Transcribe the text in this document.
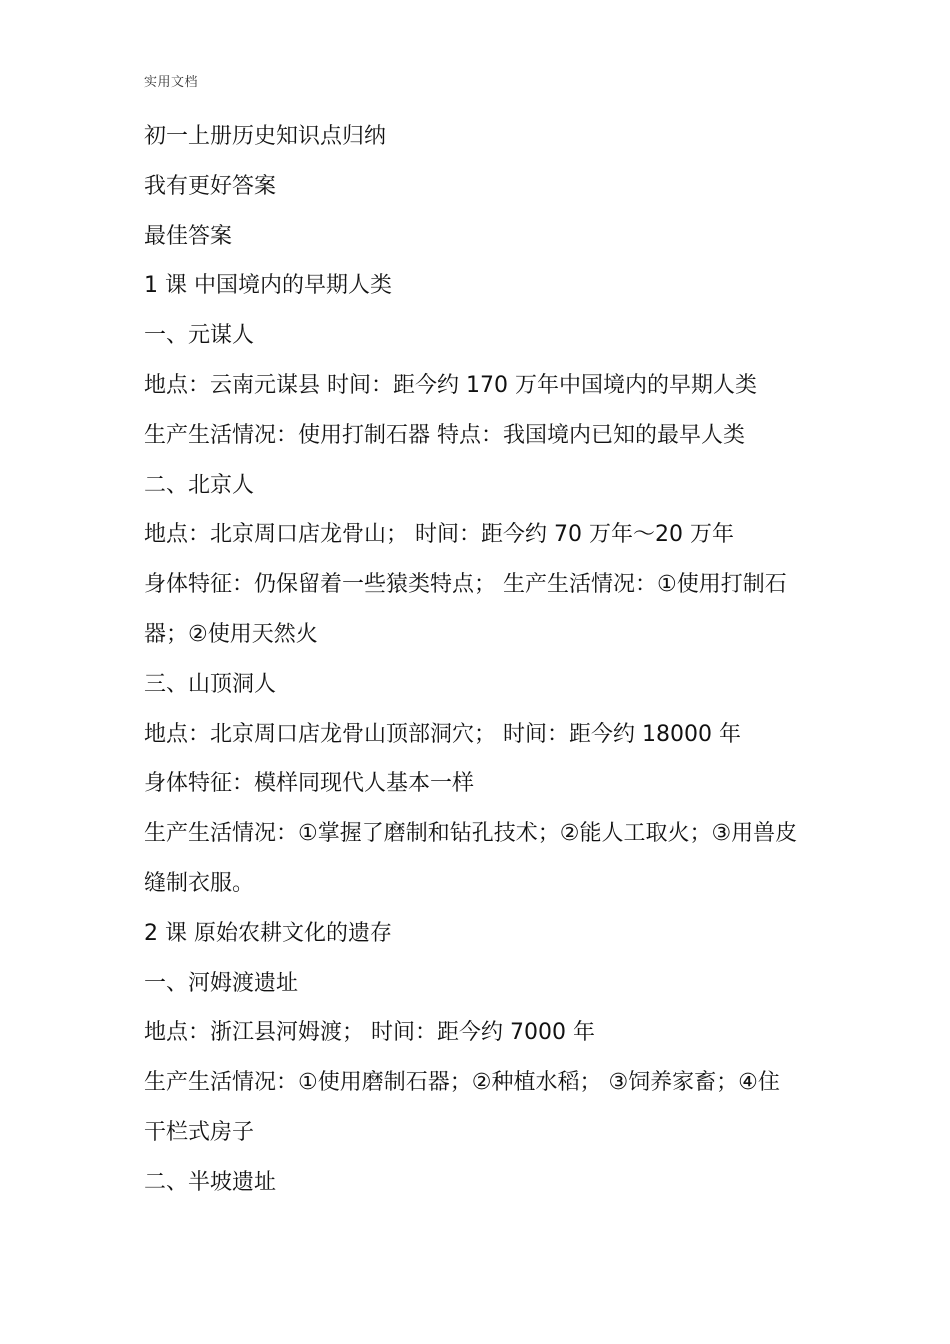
实用文档
初一上册历史知识点归纳
我有更好答案
最佳答案
1 课 中国境内的早期人类
一、元谋人
地点：云南元谋县 时间：距今约 170 万年中国境内的早期人类
生产生活情况：使用打制石器 特点：我国境内已知的最早人类
二、北京人
地点：北京周口店龙骨山； 时间：距今约 70 万年～20 万年
身体特征：仍保留着一些猿类特点； 生产生活情况：①使用打制石
器；②使用天然火
三、山顶洞人
地点：北京周口店龙骨山顶部洞穴； 时间：距今约 18000 年
身体特征：模样同现代人基本一样
生产生活情况：①掌握了磨制和钻孔技术；②能人工取火；③用兽皮
缝制衣服。
2 课 原始农耕文化的遗存
一、河姆渡遗址
地点：浙江县河姆渡； 时间：距今约 7000 年
生产生活情况：①使用磨制石器；②种植水稻； ③饲养家畜；④住
干栏式房子
二、半坡遗址
